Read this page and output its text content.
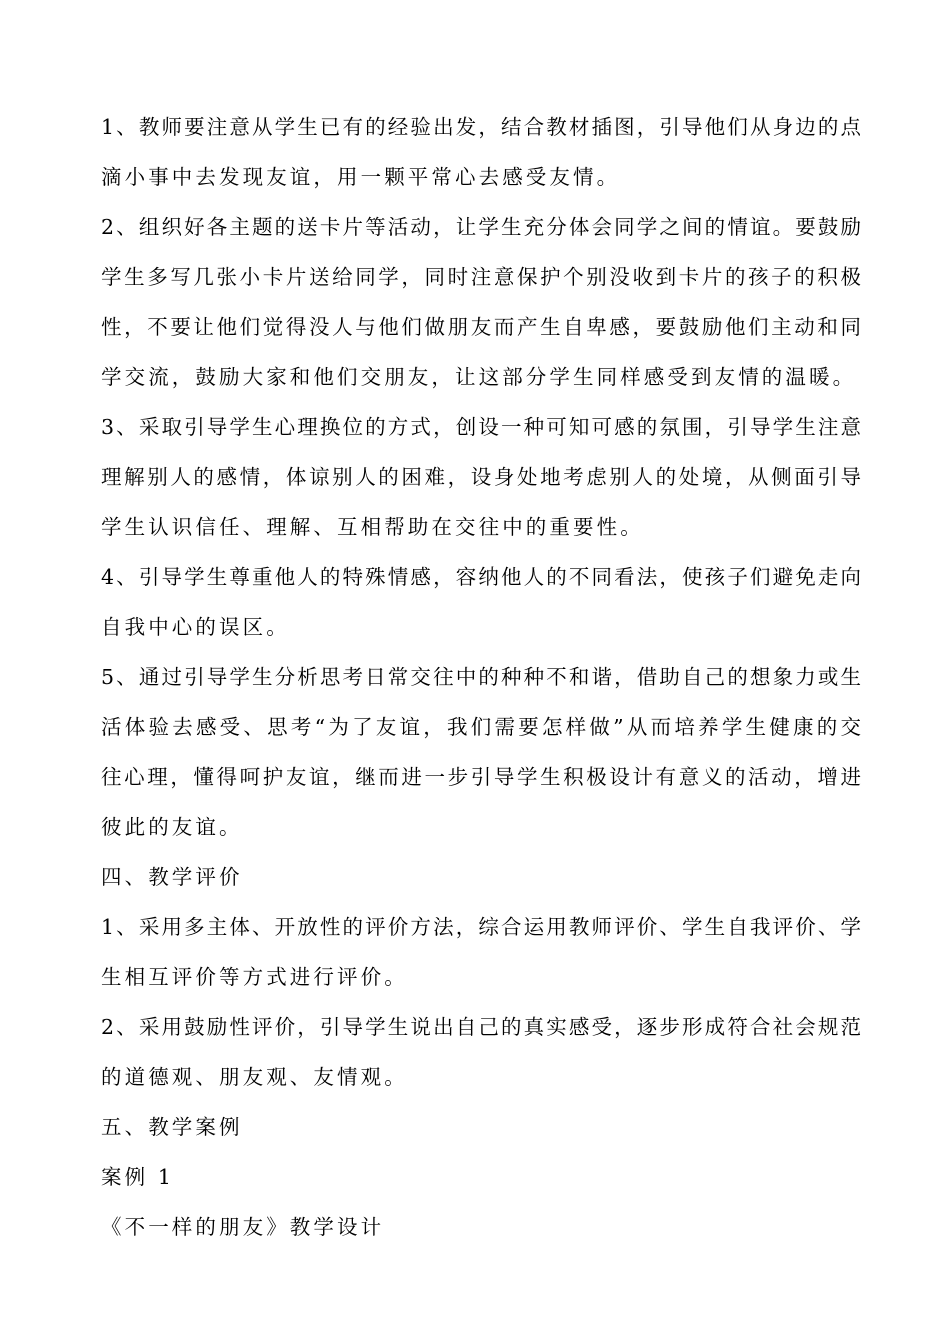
1、教师要注意从学生已有的经验出发，结合教材插图，引导他们从身边的点
滴小事中去发现友谊，用一颗平常心去感受友情。
2、组织好各主题的送卡片等活动，让学生充分体会同学之间的情谊。要鼓励
学生多写几张小卡片送给同学，同时注意保护个别没收到卡片的孩子的积极
性，不要让他们觉得没人与他们做朋友而产生自卑感，要鼓励他们主动和同
学交流，鼓励大家和他们交朋友，让这部分学生同样感受到友情的温暖。
3、采取引导学生心理换位的方式，创设一种可知可感的氛围，引导学生注意
理解别人的感情，体谅别人的困难，设身处地考虑别人的处境，从侧面引导
学生认识信任、理解、互相帮助在交往中的重要性。
4、引导学生尊重他人的特殊情感，容纳他人的不同看法，使孩子们避免走向
自我中心的误区。
5、通过引导学生分析思考日常交往中的种种不和谐，借助自己的想象力或生
活体验去感受、思考“为了友谊，我们需要怎样做”从而培养学生健康的交
往心理，懂得呵护友谊，继而进一步引导学生积极设计有意义的活动，增进
彼此的友谊。
四、教学评价
1、采用多主体、开放性的评价方法，综合运用教师评价、学生自我评价、学
生相互评价等方式进行评价。
2、采用鼓励性评价，引导学生说出自己的真实感受，逐步形成符合社会规范
的道德观、朋友观、友情观。
五、教学案例
案例 1
《不一样的朋友》教学设计
